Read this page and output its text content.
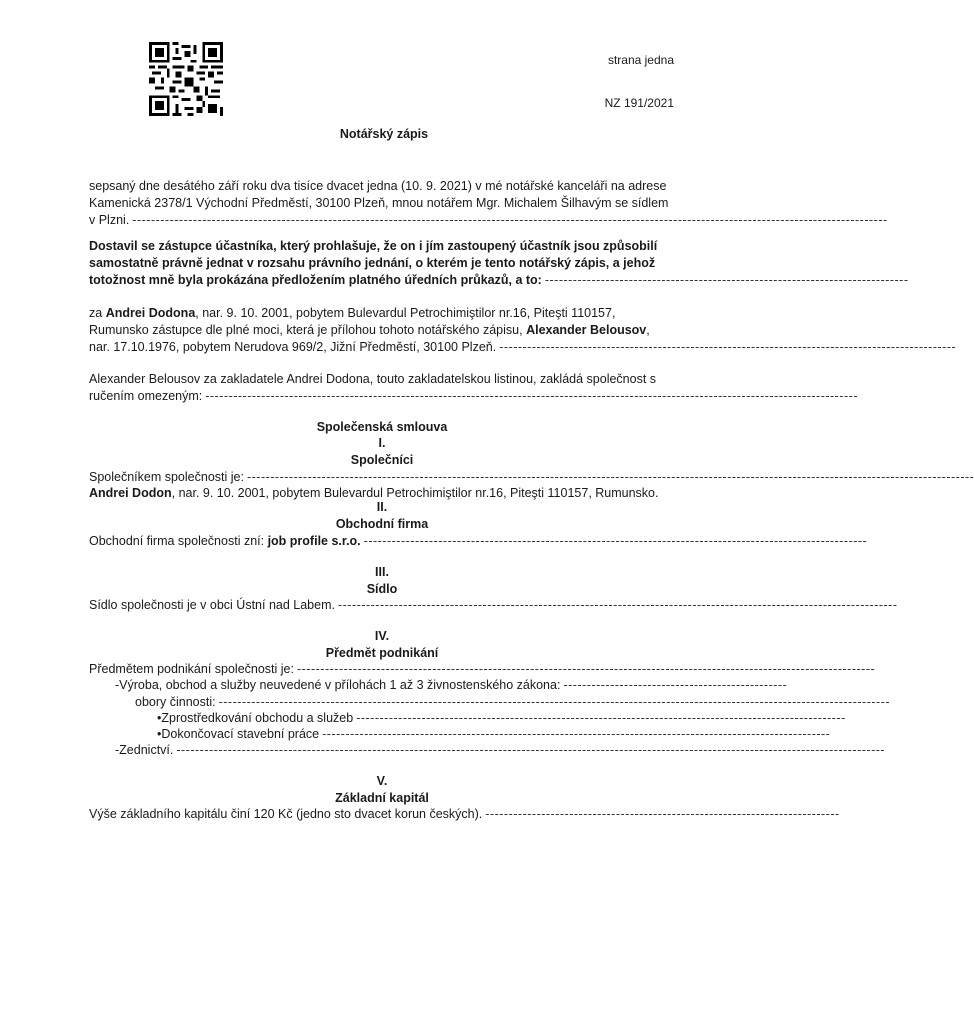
strana jedna
NZ 191/2021
Notářský zápis
sepsaný dne desátého září roku dva tisíce dvacet jedna (10. 9. 2021) v mé notářské kanceláři na adrese
Kamenická 2378/1 Východní Předměstí, 30100 Plzeň, mnou notářem Mgr. Michalem Šilhavým se sídlem
v Plzni. ------------------------------------------------------------------------------------------------------------------------------------------------------------------
Dostavil se zástupce účastníka, který prohlašuje, že on i jím zastoupený účastník jsou způsobilí
samostatně právně jednat v rozsahu právního jednání, o kterém je tento notářský zápis, a jehož
totožnost mně byla prokázána předložením platného úředních průkazů, a to: ------------------------------------------------------------------------------
za Andrei Dodona, nar. 9. 10. 2001, pobytem Bulevardul Petrochimiştilor nr.16, Piteşti 110157,
Rumunsko zástupce dle plné moci, která je přílohou tohoto notářského zápisu, Alexander Belousov,
nar. 17.10.1976, pobytem Nerudova 969/2, Jižní Předměstí, 30100 Plzeň. --------------------------------------------------------------------------------------------------
Alexander Belousov za zakladatele Andrei Dodona, touto zakladatelskou listinou, zakládá společnost s
ručením omezeným: --------------------------------------------------------------------------------------------------------------------------------------------
Společenská smlouva
I.
Společníci
Společníkem společnosti je: ------------------------------------------------------------------------------------------------------------------------------------------------------------
Andrei Dodon, nar. 9. 10. 2001, pobytem Bulevardul Petrochimiştilor nr.16, Piteşti 110157, Rumunsko.
II.
Obchodní firma
Obchodní firma společnosti zní:
job profile s.r.o. ------------------------------------------------------------------------------------------------------------
III.
Sídlo
Sídlo společnosti je v obci Ústní nad Labem. ------------------------------------------------------------------------------------------------------------------------
IV.
Předmět podnikání
Předmětem podnikání společnosti je: ----------------------------------------------------------------------------------------------------------------------------
- Výroba, obchod a služby neuvedené v přílohách 1 až 3 živnostenského zákona: ------------------------------------------------
obory činnosti: ------------------------------------------------------------------------------------------------------------------------------------------------
• Zprostředkování obchodu a služeb ---------------------------------------------------------------------------------------------------------
• Dokončovací stavební práce -------------------------------------------------------------------------------------------------------------
- Zednictví. --------------------------------------------------------------------------------------------------------------------------------------------------------
V.
Základní kapitál
Výše základního kapitálu činí 120 Kč (jedno sto dvacet korun českých). ----------------------------------------------------------------------------
